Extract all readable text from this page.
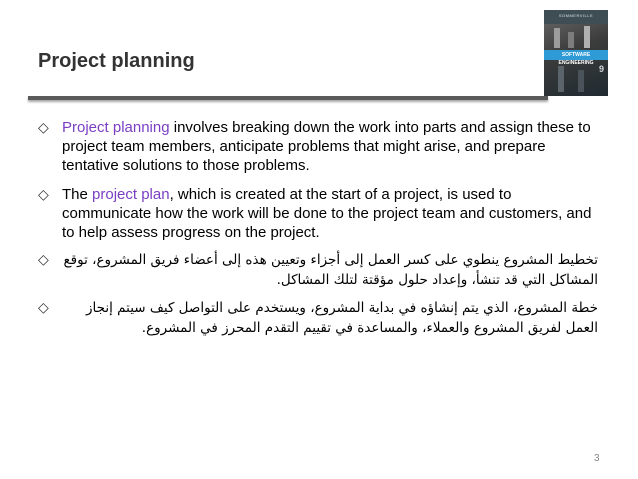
Project planning
SOMMERVILLE
SOFTWARE ENGINEERING
9
◇ Project planning involves breaking down the work into parts and assign these to project team members, anticipate problems that might arise, and prepare tentative solutions to those problems.
◇ The project plan, which is created at the start of a project, is used to communicate how the work will be done to the project team and customers, and to help assess progress on the project.
◇ تخطيط المشروع ينطوي على كسر العمل إلى أجزاء وتعيين هذه إلى أعضاء فريق المشروع، توقع المشاكل التي قد تنشأ، وإعداد حلول مؤقتة لتلك المشاكل.
◇	خطة المشروع، الذي يتم إنشاؤه في بداية المشروع، ويستخدم على التواصل كيف سيتم إنجاز العمل لفريق المشروع والعملاء، والمساعدة في تقييم التقدم المحرز في المشروع.
3
